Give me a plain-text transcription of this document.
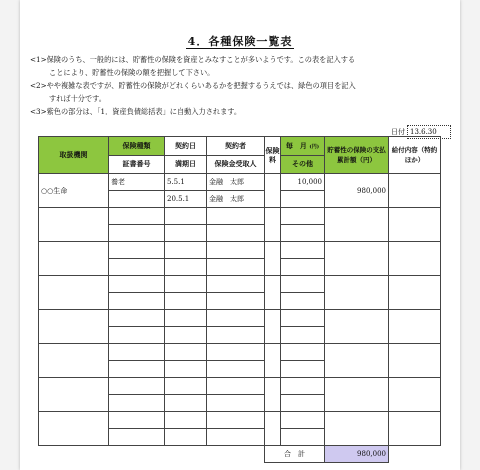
4．各種保険一覧表
<1>保険のうち、一般的には、貯蓄性の保険を資産とみなすことが多いようです。この表を記入する
ことにより、貯蓄性の保険の額を把握して下さい。
<2>やや複雑な表ですが、貯蓄性の保険がどれくらいあるかを把握するうえでは、緑色の項目を記入
すれば十分です。
<3>紫色の部分は、「1．資産負債総括表」に自動入力されます。
日付 13.6.30
取扱機関	保険種類	契約日	契約者	保険料	毎　月 (円)	貯蓄性の保険の支払累計額（円）	給付内容（特約ほか）
	証書番号	満期日	保険金受取人		その他		
○○生命	養老	5.5.1	金融　太郎		10,000	980,000	
		20.5.1	金融　太郎				

				合　計		980,000	
